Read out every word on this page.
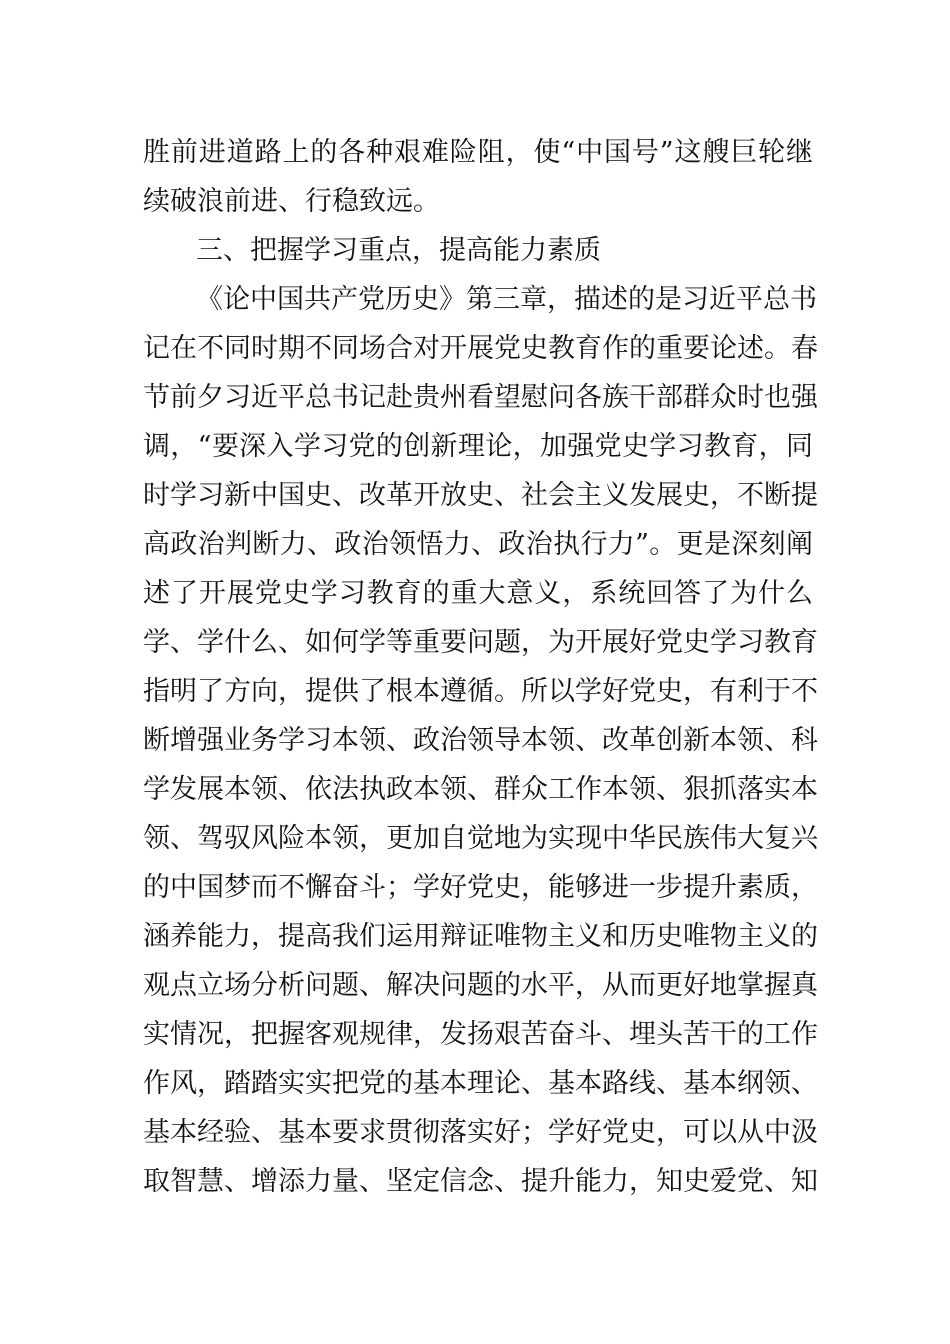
胜前进道路上的各种艰难险阻，使“中国号”这艘巨轮继
续破浪前进、行稳致远。
三、把握学习重点，提高能力素质
《论中国共产党历史》第三章，描述的是习近平总书
记在不同时期不同场合对开展党史教育作的重要论述。春
节前夕习近平总书记赴贵州看望慰问各族干部群众时也强
调，“要深入学习党的创新理论，加强党史学习教育，同
时学习新中国史、改革开放史、社会主义发展史，不断提
高政治判断力、政治领悟力、政治执行力”。更是深刻阐
述了开展党史学习教育的重大意义，系统回答了为什么
学、学什么、如何学等重要问题，为开展好党史学习教育
指明了方向，提供了根本遵循。所以学好党史，有利于不
断增强业务学习本领、政治领导本领、改革创新本领、科
学发展本领、依法执政本领、群众工作本领、狠抓落实本
领、驾驭风险本领，更加自觉地为实现中华民族伟大复兴
的中国梦而不懈奋斗；学好党史，能够进一步提升素质，
涵养能力，提高我们运用辩证唯物主义和历史唯物主义的
观点立场分析问题、解决问题的水平，从而更好地掌握真
实情况，把握客观规律，发扬艰苦奋斗、埋头苦干的工作
作风，踏踏实实把党的基本理论、基本路线、基本纲领、
基本经验、基本要求贯彻落实好；学好党史，可以从中汲
取智慧、增添力量、坚定信念、提升能力，知史爱党、知
